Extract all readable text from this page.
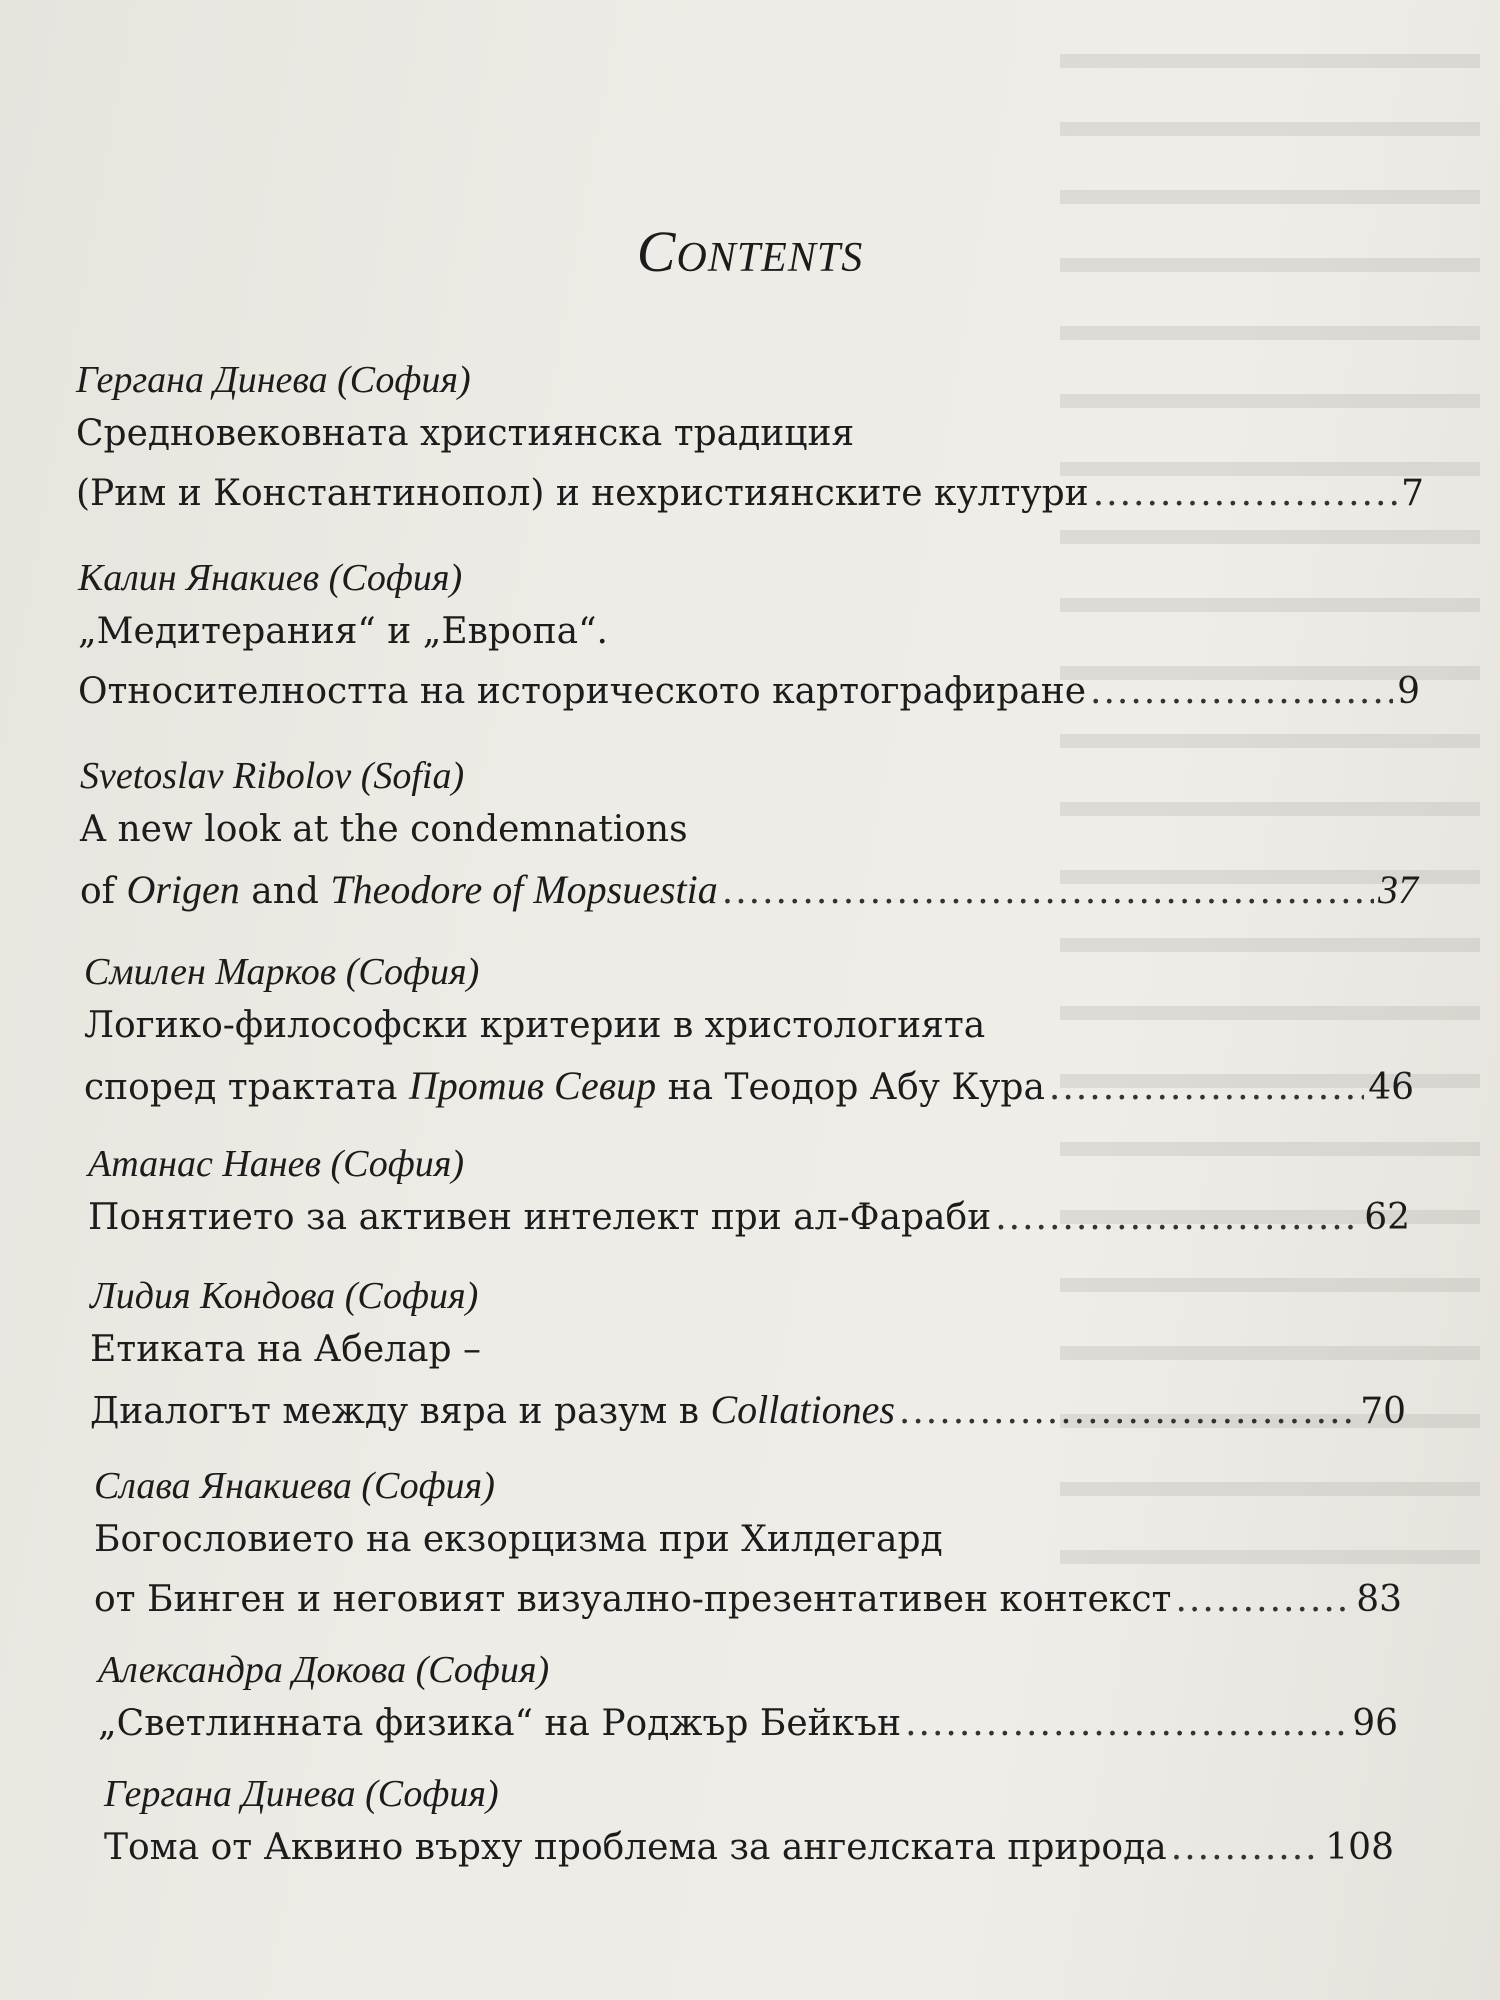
CONTENTS
Гергана Динева (София)
Средновековната християнска традиция
(Рим и Константинопол) и нехристиянските култури .....	7
Калин Янакиев (София)
„Медитерания“ и „Европа“.
Относителността на историческото картографиране .....	9
Svetoslav Ribolov (Sofia)
A new look at the condemnations
of Origen and Theodore of Mopsuestia .....	37
Смилен Марков (София)
Логико-философски критерии в христологията
според трактата Против Севир на Теодор Абу Кура .....	46
Атанас Нанев (София)
Понятието за активен интелект при ал-Фараби .....	62
Лидия Кондова (София)
Етиката на Абелар –
Диалогът между вяра и разум в Collationes .....	70
Слава Янакиева (София)
Богословието на екзорцизма при Хилдегард
от Бинген и неговият визуално-презентативен контекст .....	83
Александра Докова (София)
„Светлинната физика“ на Роджър Бейкън .....	96
Гергана Динева (София)
Тома от Аквино върху проблема за ангелската природа .....	108
